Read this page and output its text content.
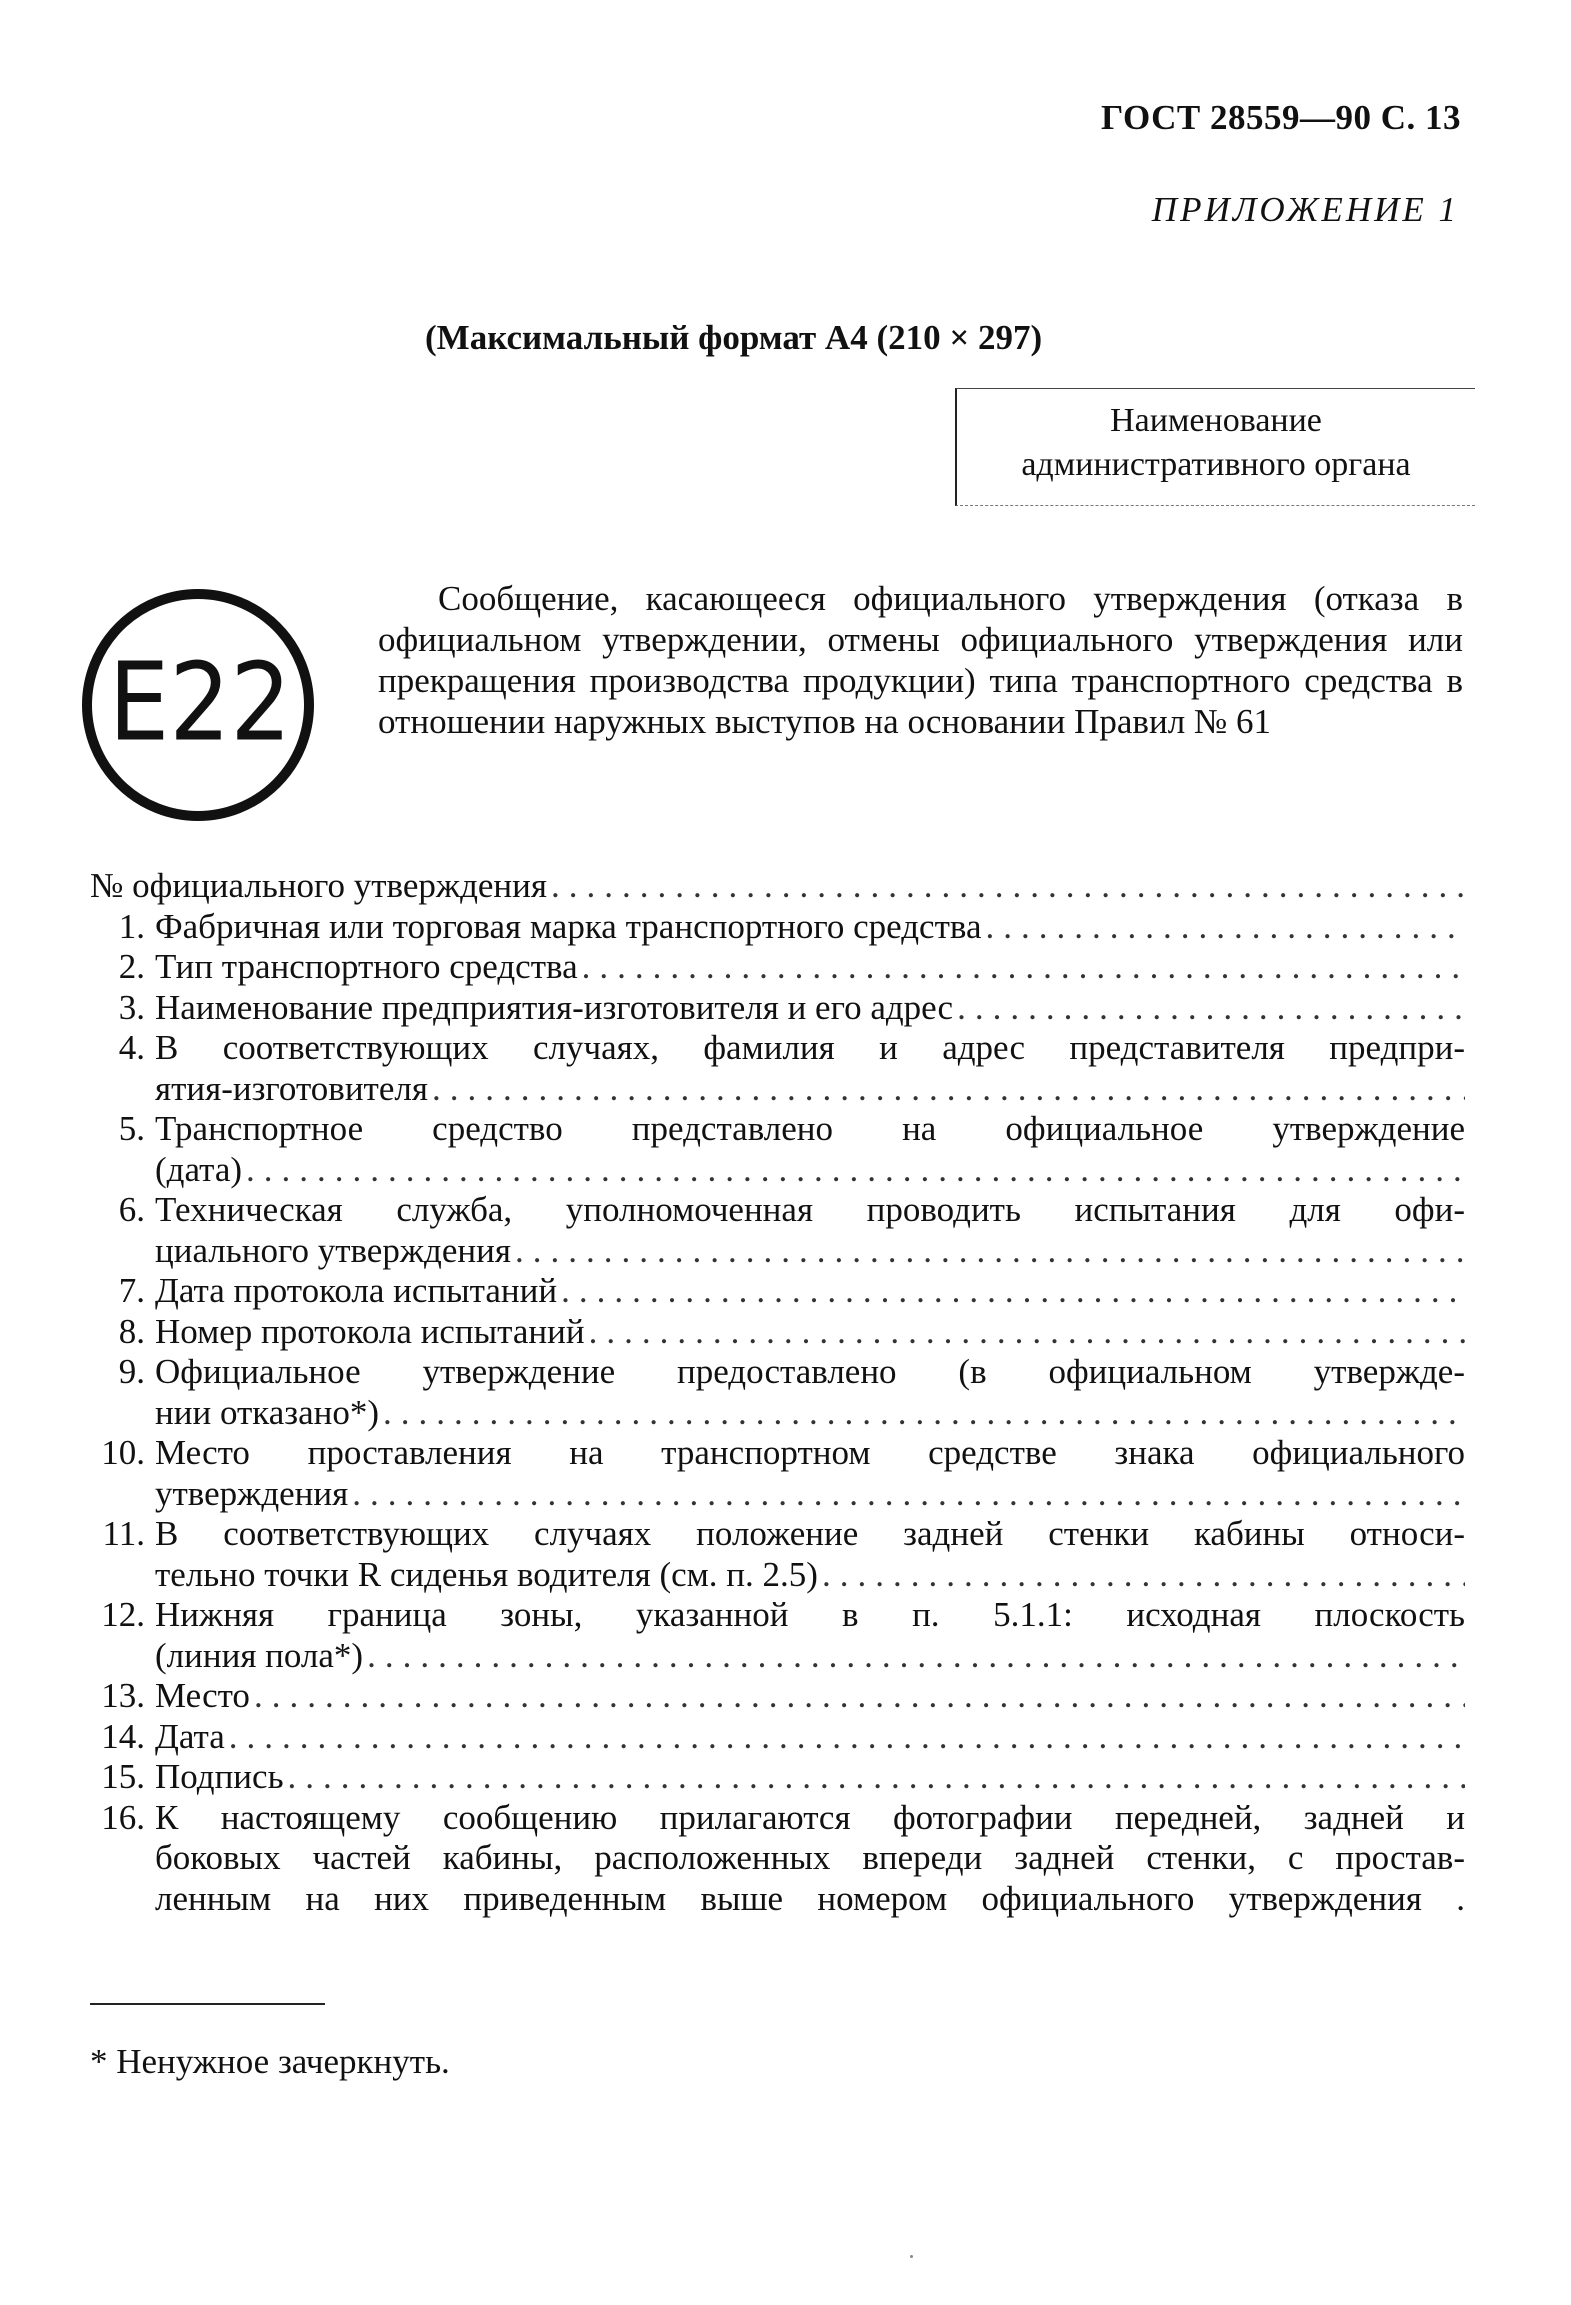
ГОСТ 28559—90 С. 13
ПРИЛОЖЕНИЕ 1
(Максимальный формат А4 (210 × 297)
Наименование
административного органа
E22
Сообщение, касающееся официального утверждения (отказа в официальном утверждении, отмены официального утверждения или прекращения производства продукции) типа транспортного средства в отношении наружных выступов на основании Правил № 61
№ официального утверждения
.....
1. Фабричная или торговая марка транспортного средства
.....
2. Тип транспортного средства
.....
3. Наименование предприятия-изготовителя и его адрес
.....
4. В соответствующих случаях, фамилия и адрес представителя предпри-
ятия-изготовителя
.....
5. Транспортное средство представлено на официальное утверждение
(дата)
.....
6. Техническая служба, уполномоченная проводить испытания для офи-
циального утверждения
.....
7. Дата протокола испытаний
.....
8. Номер протокола испытаний
.....
9. Официальное утверждение предоставлено (в официальном утвержде-
нии отказано*)
.....
10. Место проставления на транспортном средстве знака официального
утверждения
.....
11. В соответствующих случаях положение задней стенки кабины относи-
тельно точки R сиденья водителя (см. п. 2.5)
.....
12. Нижняя граница зоны, указанной в п. 5.1.1: исходная плоскость
(линия пола*)
.....
13. Место
.....
14. Дата
.....
15. Подпись
.....
16. К настоящему сообщению прилагаются фотографии передней, задней и
боковых частей кабины, расположенных впереди задней стенки, с простав-
ленным на них приведенным выше номером официального утверждения .
* Ненужное зачеркнуть.
